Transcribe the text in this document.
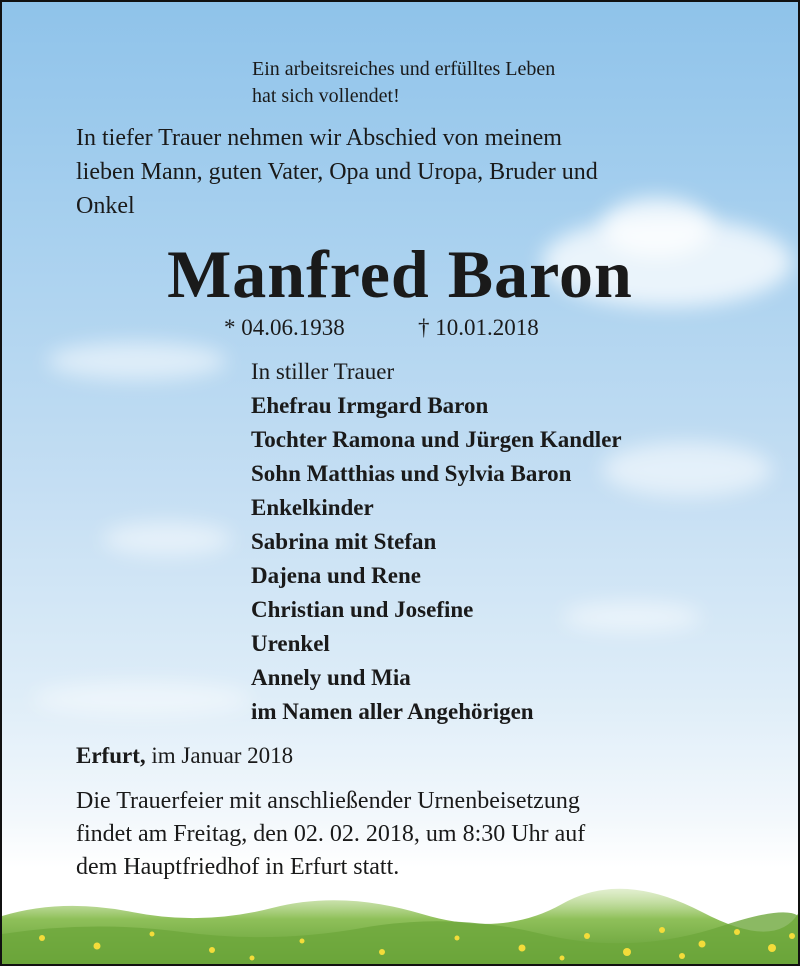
Ein arbeitsreiches und erfülltes Leben
hat sich vollendet!
In tiefer Trauer nehmen wir Abschied von meinem
lieben Mann, guten Vater, Opa und Uropa, Bruder und
Onkel
Manfred Baron
* 04.06.1938	† 10.01.2018
In stiller Trauer
Ehefrau Irmgard Baron
Tochter Ramona und Jürgen Kandler
Sohn Matthias und Sylvia Baron
Enkelkinder
Sabrina mit Stefan
Dajena und Rene
Christian und Josefine
Urenkel
Annely und Mia
im Namen aller Angehörigen
Erfurt, im Januar 2018
Die Trauerfeier mit anschließender Urnenbeisetzung
findet am Freitag, den 02. 02. 2018, um 8:30 Uhr auf
dem Hauptfriedhof in Erfurt statt.
